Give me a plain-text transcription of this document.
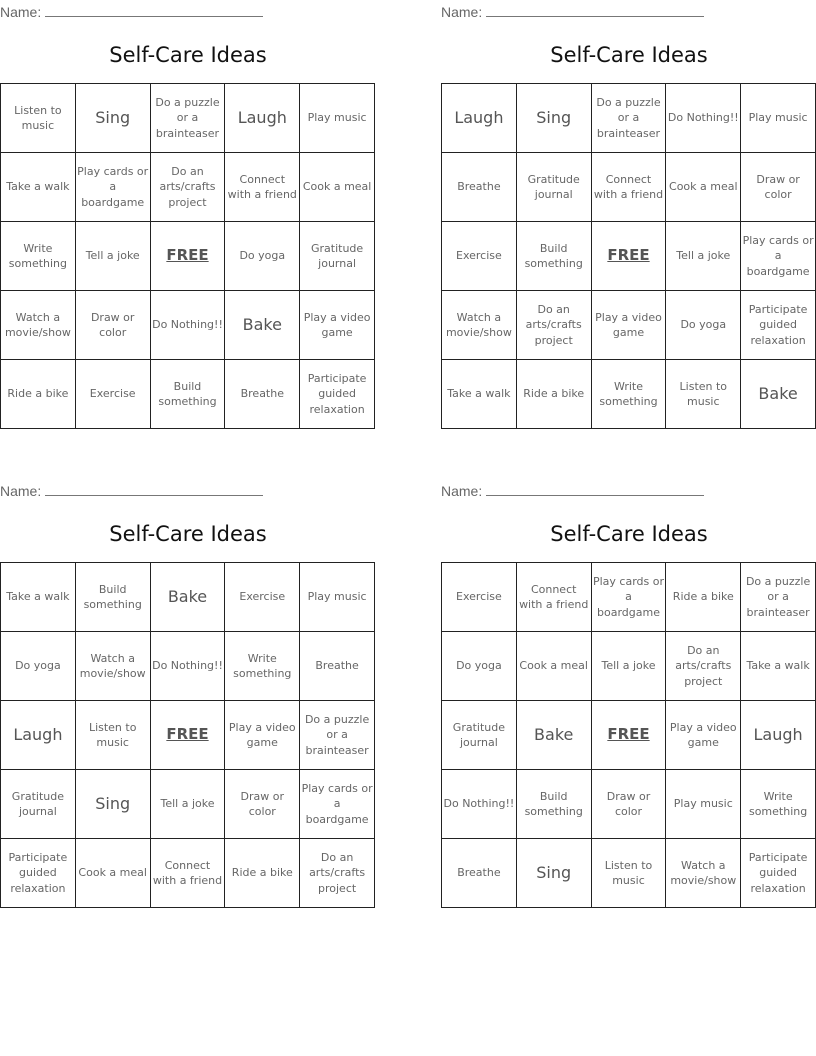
Name:
Self-Care Ideas
Listen to music	Sing	Do a puzzle or a brainteaser	Laugh	Play music
Take a walk	Play cards or a boardgame	Do an arts/crafts project	Connect with a friend	Cook a meal
Write something	Tell a joke	FREE	Do yoga	Gratitude journal
Watch a movie/show	Draw or color	Do Nothing!!	Bake	Play a video game
Ride a bike	Exercise	Build something	Breathe	Participate guided relaxation
Name:
Self-Care Ideas
Laugh	Sing	Do a puzzle or a brainteaser	Do Nothing!!	Play music
Breathe	Gratitude journal	Connect with a friend	Cook a meal	Draw or color
Exercise	Build something	FREE	Tell a joke	Play cards or a boardgame
Watch a movie/show	Do an arts/crafts project	Play a video game	Do yoga	Participate guided relaxation
Take a walk	Ride a bike	Write something	Listen to music	Bake
Name:
Self-Care Ideas
Take a walk	Build something	Bake	Exercise	Play music
Do yoga	Watch a movie/show	Do Nothing!!	Write something	Breathe
Laugh	Listen to music	FREE	Play a video game	Do a puzzle or a brainteaser
Gratitude journal	Sing	Tell a joke	Draw or color	Play cards or a boardgame
Participate guided relaxation	Cook a meal	Connect with a friend	Ride a bike	Do an arts/crafts project
Name:
Self-Care Ideas
Exercise	Connect with a friend	Play cards or a boardgame	Ride a bike	Do a puzzle or a brainteaser
Do yoga	Cook a meal	Tell a joke	Do an arts/crafts project	Take a walk
Gratitude journal	Bake	FREE	Play a video game	Laugh
Do Nothing!!	Build something	Draw or color	Play music	Write something
Breathe	Sing	Listen to music	Watch a movie/show	Participate guided relaxation
